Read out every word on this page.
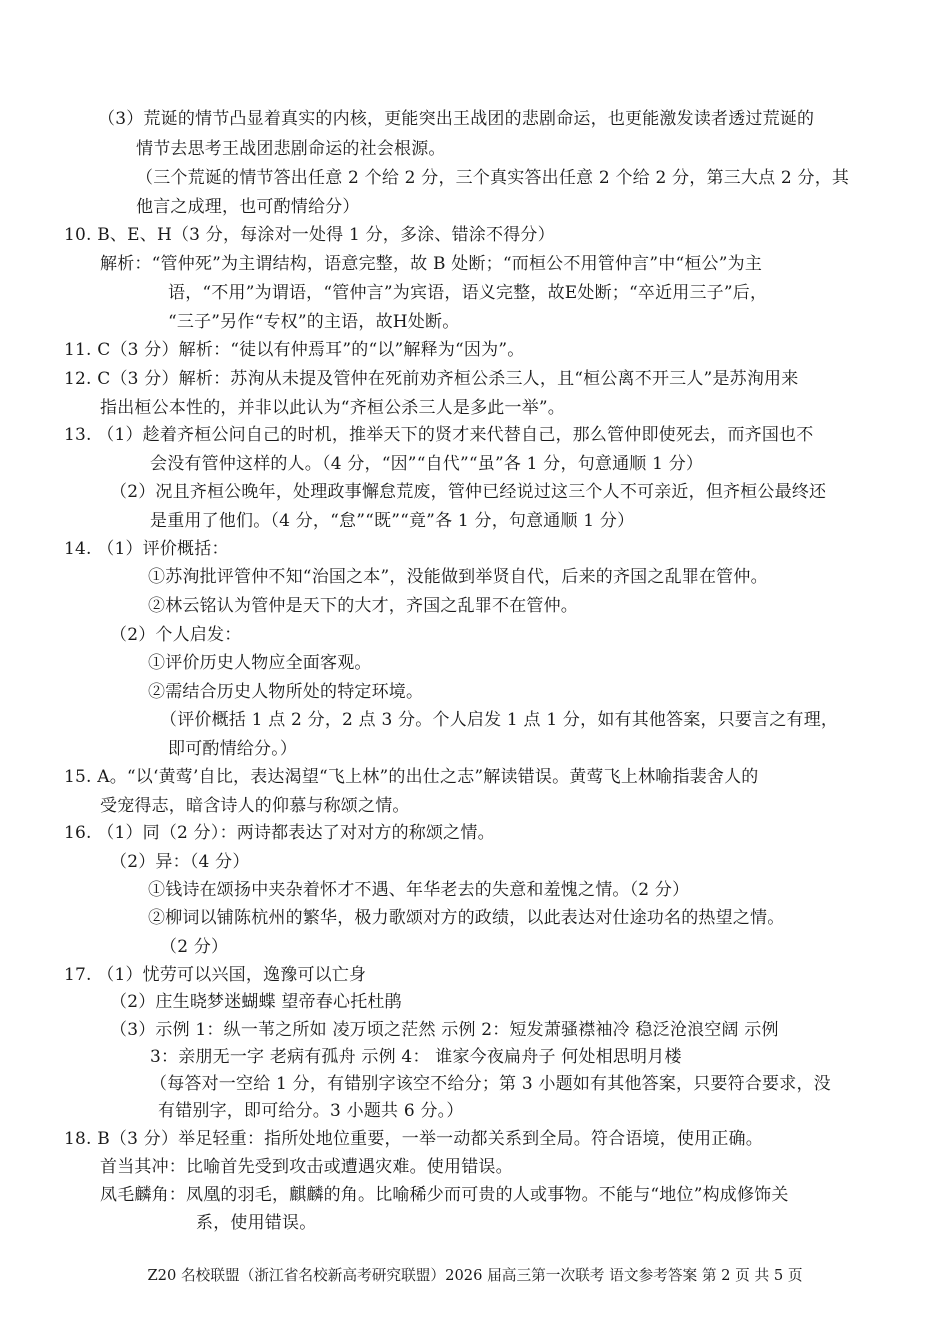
（3）荒诞的情节凸显着真实的内核，更能突出王战团的悲剧命运，也更能激发读者透过荒诞的
情节去思考王战团悲剧命运的社会根源。
（三个荒诞的情节答出任意 2 个给 2 分，三个真实答出任意 2 个给 2 分，第三大点 2 分，其
他言之成理，也可酌情给分）
10. B、E、H（3 分，每涂对一处得 1 分，多涂、错涂不得分）
解析：“管仲死”为主谓结构，语意完整，故 B 处断；“而桓公不用管仲言”中“桓公”为主
语，“不用”为谓语，“管仲言”为宾语，语义完整，故E处断；“卒近用三子”后，
“三子”另作“专权”的主语，故H处断。
11. C（3 分）解析：“徒以有仲焉耳”的“以”解释为“因为”。
12. C（3 分）解析：苏洵从未提及管仲在死前劝齐桓公杀三人，且“桓公离不开三人”是苏洵用来
指出桓公本性的，并非以此认为“齐桓公杀三人是多此一举”。
13. （1）趁着齐桓公问自己的时机，推举天下的贤才来代替自己，那么管仲即使死去，而齐国也不
会没有管仲这样的人。（4 分，“因”“自代”“虽”各 1 分，句意通顺 1 分）
（2）况且齐桓公晚年，处理政事懈怠荒废，管仲已经说过这三个人不可亲近，但齐桓公最终还
是重用了他们。（4 分，“怠”“既”“竟”各 1 分，句意通顺 1 分）
14. （1）评价概括：
①苏洵批评管仲不知“治国之本”，没能做到举贤自代，后来的齐国之乱罪在管仲。
②林云铭认为管仲是天下的大才，齐国之乱罪不在管仲。
（2）个人启发：
①评价历史人物应全面客观。
②需结合历史人物所处的特定环境。
（评价概括 1 点 2 分，2 点 3 分。个人启发 1 点 1 分，如有其他答案，只要言之有理，
即可酌情给分。）
15. A。“以‘黄莺’自比，表达渴望“飞上林”的出仕之志”解读错误。黄莺飞上林喻指裴舍人的
受宠得志，暗含诗人的仰慕与称颂之情。
16. （1）同（2 分）：两诗都表达了对对方的称颂之情。
（2）异：（4 分）
①钱诗在颂扬中夹杂着怀才不遇、年华老去的失意和羞愧之情。（2 分）
②柳词以铺陈杭州的繁华，极力歌颂对方的政绩，以此表达对仕途功名的热望之情。
（2 分）
17. （1）忧劳可以兴国，逸豫可以亡身
（2）庄生晓梦迷蝴蝶 望帝春心托杜鹃
（3）示例 1：纵一苇之所如 凌万顷之茫然 示例 2：短发萧骚襟袖冷 稳泛沧浪空阔 示例
3：亲朋无一字 老病有孤舟 示例 4： 谁家今夜扁舟子 何处相思明月楼
（每答对一空给 1 分，有错别字该空不给分；第 3 小题如有其他答案，只要符合要求，没
有错别字，即可给分。3 小题共 6 分。）
18. B（3 分）举足轻重：指所处地位重要，一举一动都关系到全局。符合语境，使用正确。
首当其冲：比喻首先受到攻击或遭遇灾难。使用错误。
凤毛麟角：凤凰的羽毛，麒麟的角。比喻稀少而可贵的人或事物。不能与“地位”构成修饰关
系，使用错误。
Z20 名校联盟（浙江省名校新高考研究联盟）2026 届高三第一次联考 语文参考答案 第 2 页 共 5 页
